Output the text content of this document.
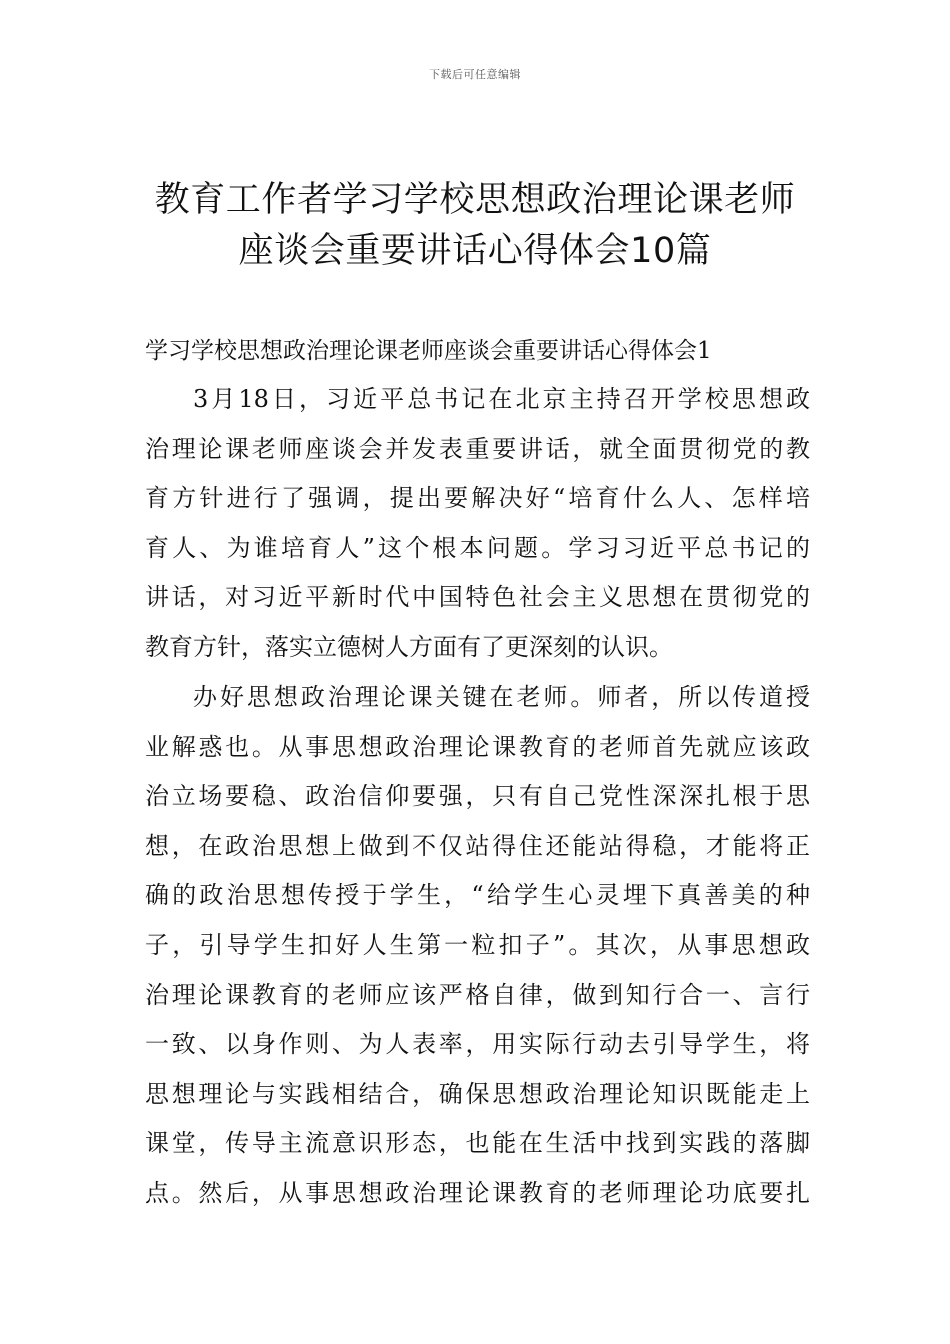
下载后可任意编辑
教育工作者学习学校思想政治理论课老师
座谈会重要讲话心得体会10篇
学习学校思想政治理论课老师座谈会重要讲话心得体会1
3月18日，习近平总书记在北京主持召开学校思想政
治理论课老师座谈会并发表重要讲话，就全面贯彻党的教
育方针进行了强调，提出要解决好“培育什么人、怎样培
育人、为谁培育人”这个根本问题。学习习近平总书记的
讲话，对习近平新时代中国特色社会主义思想在贯彻党的
教育方针，落实立德树人方面有了更深刻的认识。
办好思想政治理论课关键在老师。师者，所以传道授
业解惑也。从事思想政治理论课教育的老师首先就应该政
治立场要稳、政治信仰要强，只有自己党性深深扎根于思
想，在政治思想上做到不仅站得住还能站得稳，才能将正
确的政治思想传授于学生，“给学生心灵埋下真善美的种
子，引导学生扣好人生第一粒扣子”。其次，从事思想政
治理论课教育的老师应该严格自律，做到知行合一、言行
一致、以身作则、为人表率，用实际行动去引导学生，将
思想理论与实践相结合，确保思想政治理论知识既能走上
课堂，传导主流意识形态，也能在生活中找到实践的落脚
点。然后，从事思想政治理论课教育的老师理论功底要扎
